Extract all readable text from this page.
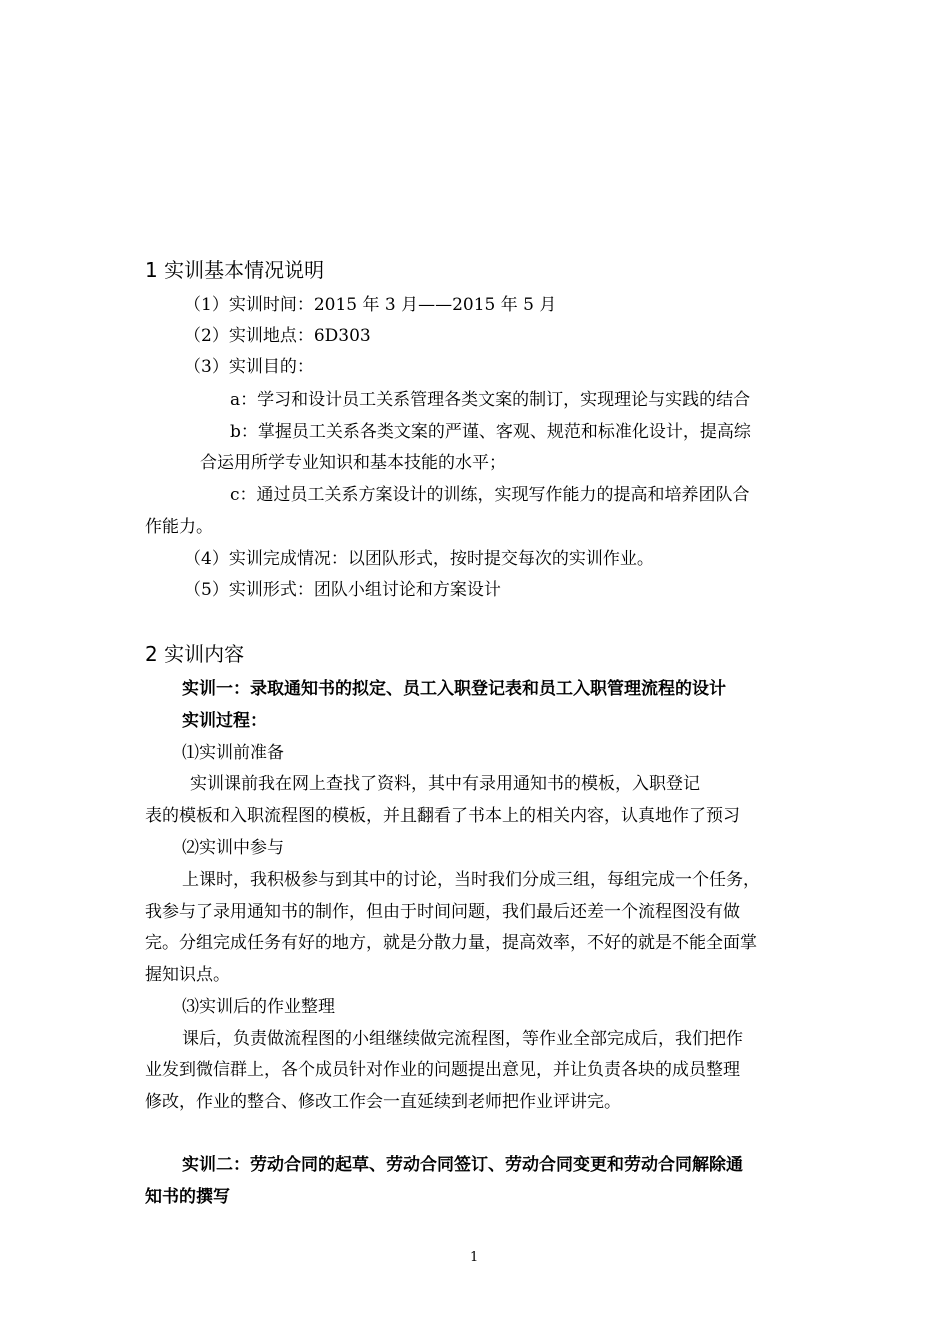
1 实训基本情况说明
（1）实训时间：2015 年 3 月——2015 年 5 月
（2）实训地点：6D303
（3）实训目的：
a：学习和设计员工关系管理各类文案的制订，实现理论与实践的结合
b：掌握员工关系各类文案的严谨、客观、规范和标准化设计，提高综
合运用所学专业知识和基本技能的水平；
c：通过员工关系方案设计的训练，实现写作能力的提高和培养团队合
作能力。
（4）实训完成情况：以团队形式，按时提交每次的实训作业。
（5）实训形式：团队小组讨论和方案设计
2 实训内容
实训一：录取通知书的拟定、员工入职登记表和员工入职管理流程的设计
实训过程：
⑴实训前准备
实训课前我在网上查找了资料，其中有录用通知书的模板，入职登记
表的模板和入职流程图的模板，并且翻看了书本上的相关内容，认真地作了预习
⑵实训中参与
上课时，我积极参与到其中的讨论，当时我们分成三组，每组完成一个任务，
我参与了录用通知书的制作，但由于时间问题，我们最后还差一个流程图没有做
完。分组完成任务有好的地方，就是分散力量，提高效率，不好的就是不能全面掌
握知识点。
⑶实训后的作业整理
课后，负责做流程图的小组继续做完流程图，等作业全部完成后，我们把作
业发到微信群上，各个成员针对作业的问题提出意见，并让负责各块的成员整理
修改，作业的整合、修改工作会一直延续到老师把作业评讲完。
实训二：劳动合同的起草、劳动合同签订、劳动合同变更和劳动合同解除通
知书的撰写
1
